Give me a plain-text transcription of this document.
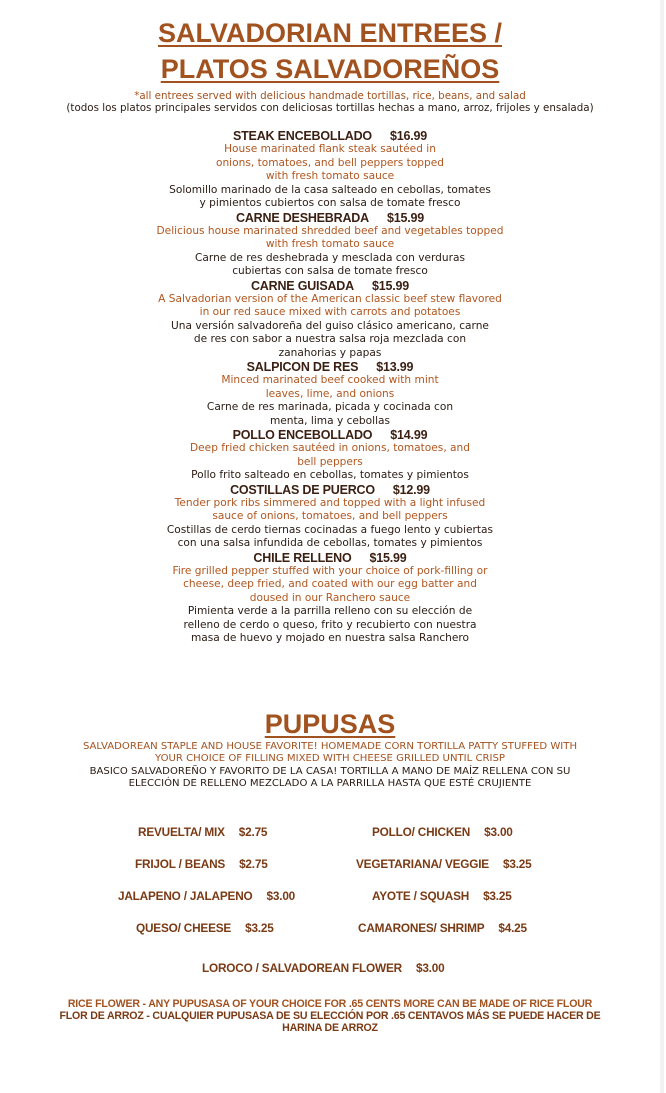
SALVADORIAN ENTREES /
PLATOS SALVADOREÑOS
*all entrees served with delicious handmade tortillas, rice, beans, and salad
(todos los platos principales servidos con deliciosas tortillas hechas a mano, arroz, frijoles y ensalada)
STEAK ENCEBOLLADO $16.99
House marinated flank steak sautéed in onions, tomatoes, and bell peppers topped with fresh tomato sauce
Solomillo marinado de la casa salteado en cebollas, tomates y pimientos cubiertos con salsa de tomate fresco
CARNE DESHEBRADA $15.99
Delicious house marinated shredded beef and vegetables topped with fresh tomato sauce
Carne de res deshebrada y mesclada con verduras cubiertas con salsa de tomate fresco
CARNE GUISADA $15.99
A Salvadorian version of the American classic beef stew flavored in our red sauce mixed with carrots and potatoes
Una versión salvadoreña del guiso clásico americano, carne de res con sabor a nuestra salsa roja mezclada con zanahorias y papas
SALPICON DE RES $13.99
Minced marinated beef cooked with mint leaves, lime, and onions
Carne de res marinada, picada y cocinada con menta, lima y cebollas
POLLO ENCEBOLLADO $14.99
Deep fried chicken sautéed in onions, tomatoes, and bell peppers
Pollo frito salteado en cebollas, tomates y pimientos
COSTILLAS DE PUERCO $12.99
Tender pork ribs simmered and topped with a light infused sauce of onions, tomatoes, and bell peppers
Costillas de cerdo tiernas cocinadas a fuego lento y cubiertas con una salsa infundida de cebollas, tomates y pimientos
CHILE RELLENO $15.99
Fire grilled pepper stuffed with your choice of pork-filling or cheese, deep fried, and coated with our egg batter and doused in our Ranchero sauce
Pimienta verde a la parrilla relleno con su elección de relleno de cerdo o queso, frito y recubierto con nuestra masa de huevo y mojado en nuestra salsa Ranchero
PUPUSAS
SALVADOREAN STAPLE AND HOUSE FAVORITE! HOMEMADE CORN TORTILLA PATTY STUFFED WITH YOUR CHOICE OF FILLING MIXED WITH CHEESE GRILLED UNTIL CRISP
BASICO SALVADOREÑO Y FAVORITO DE LA CASA! TORTILLA A MANO DE MAÍZ RELLENA CON SU ELECCIÓN DE RELLENO MEZCLADO A LA PARRILLA HASTA QUE ESTÉ CRUJIENTE
REVUELTA/ MIX $2.75
FRIJOL / BEANS $2.75
JALAPENO / JALAPENO $3.00
QUESO/ CHEESE $3.25
POLLO/ CHICKEN $3.00
VEGETARIANA/ VEGGIE $3.25
AYOTE / SQUASH $3.25
CAMARONES/ SHRIMP $4.25
LOROCO / SALVADOREAN FLOWER $3.00
RICE FLOWER - ANY PUPUSASA OF YOUR CHOICE FOR .65 CENTS MORE CAN BE MADE OF RICE FLOUR
FLOR DE ARROZ - CUALQUIER PUPUSASA DE SU ELECCIÓN POR .65 CENTAVOS MÁS SE PUEDE HACER DE HARINA DE ARROZ
